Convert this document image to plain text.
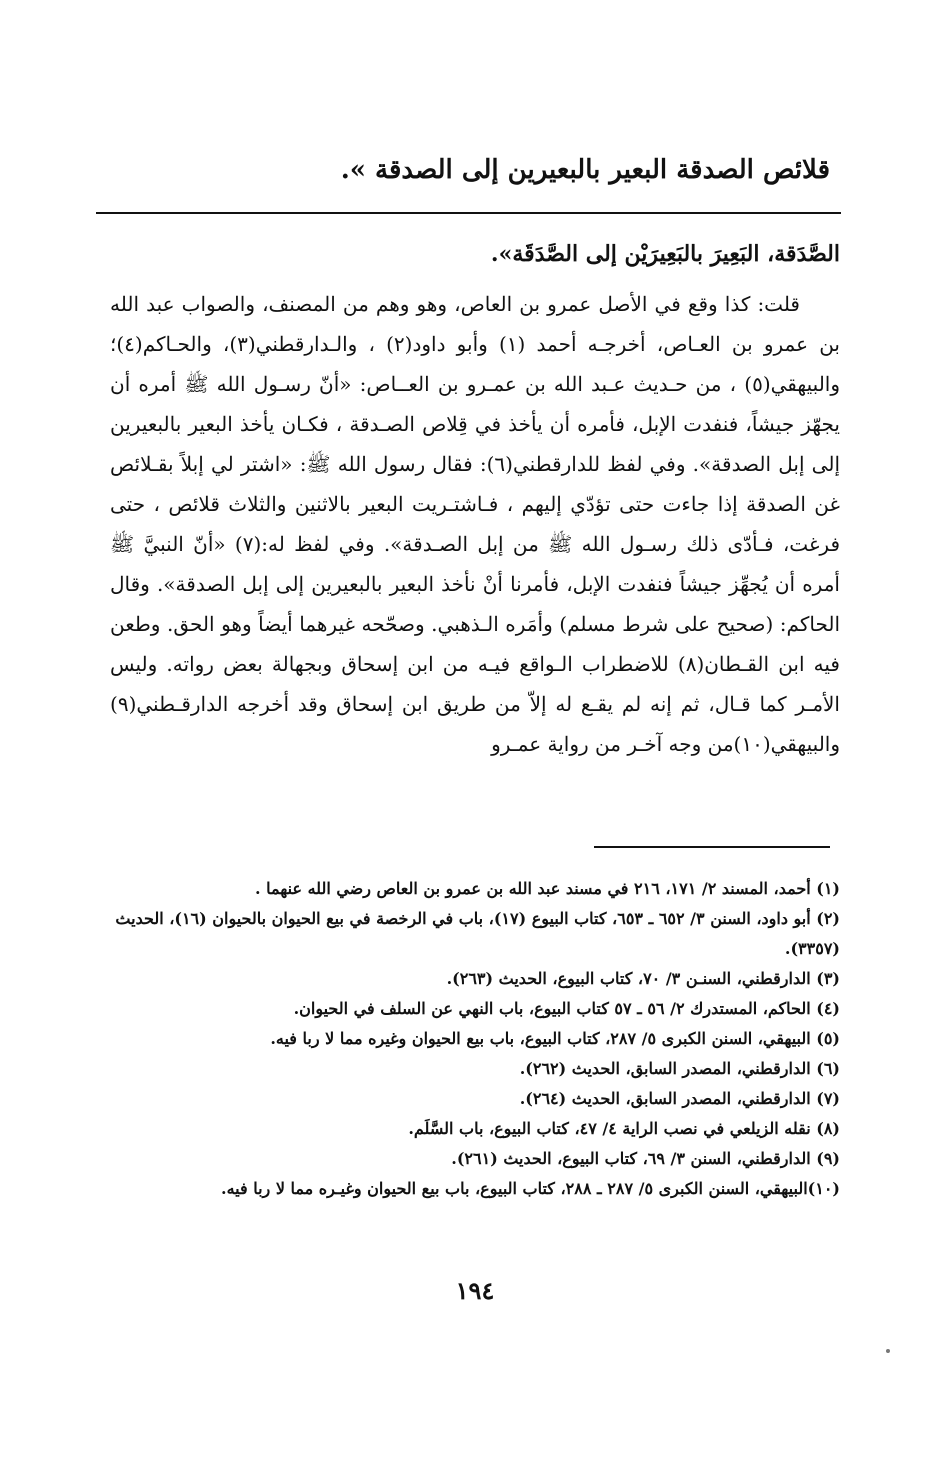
قلائص الصدقة البعير بالبعيرين إلى الصدقة ».
الصَّدَقة، البَعِيرَ بالبَعِيرَيْن إلى الصَّدَقَة».
قلت: كذا وقع في الأصل عمرو بن العاص، وهو وهم من المصنف، والصواب عبد الله بن عمرو بن العـاص، أخرجـه أحمد (١) وأبو داود(٢) ، والـدارقطني(٣)، والحـاكم(٤)؛ والبيهقي(٥) ، من حـديث عـبد الله بن عمـرو بن العــاص: «أنّ رسـول الله ﷺ أمره أن يجهّز جيشاً، فنفدت الإبل، فأمره أن يأخذ في قِلاص الصـدقة ، فكـان يأخذ البعير بالبعيرين إلى إبل الصدقة». وفي لفظ للدارقطني(٦): فقال رسول الله ﷺ: «اشتر لي إبلاً بقـلائص غن الصدقة إذا جاءت حتى تؤدّي إليهم ، فـاشتـريت البعير بالاثنين والثلاث قلائص ، حتى فرغت، فـأدّى ذلك رسـول الله ﷺ من إبل الصـدقة». وفي لفظ له:(٧) «أنّ النبيَّ ﷺ أمره أن يُجهِّز جيشاً فنفدت الإبل، فأمرنا أنْ نأخذ البعير بالبعيرين إلى إبل الصدقة». وقال الحاكم: (صحيح على شرط مسلم) وأمَره الـذهبي. وصحّحه غيرهما أيضاً وهو الحق. وطعن فيه ابن القـطان(٨) للاضطراب الـواقع فيـه من ابن إسحاق وبجهالة بعض رواته. وليس الأمـر كما قـال، ثم إنه لم يقـع له إلاّ من طريق ابن إسحاق وقد أخرجه الدارقـطني(٩) والبيهقي(١٠)من وجه آخـر من رواية عمـرو

(١) أحمد، المسند ٢/ ١٧١، ٢١٦ في مسند عبد الله بن عمرو بن العاص رضي الله عنهما .

(٢) أبو داود، السنن ٣/ ٦٥٢ ـ ٦٥٣، كتاب البيوع (١٧)، باب في الرخصة في بيع الحيوان بالحيوان (١٦)، الحديث (٣٣٥٧).

(٣) الدارقطني، السنـن ٣/ ٧٠، كتاب البيوع، الحديث (٢٦٣).

(٤) الحاكم، المستدرك ٢/ ٥٦ ـ ٥٧ كتاب البيوع، باب النهي عن السلف في الحيوان.

(٥) البيهقي، السنن الكبرى ٥/ ٢٨٧، كتاب البيوع، باب بيع الحيوان وغيره مما لا ربا فيه.

(٦) الدارقطني، المصدر السابق، الحديث (٢٦٢).

(٧) الدارقطني، المصدر السابق، الحديث (٢٦٤).

(٨) نقله الزيلعي في نصب الراية ٤/ ٤٧، كتاب البيوع، باب السَّلَم.

(٩) الدارقطني، السنن ٣/ ٦٩، كتاب البيوع، الحديث (٢٦١).

(١٠)البيهقي، السنن الكبرى ٥/ ٢٨٧ ـ ٢٨٨، كتاب البيوع، باب بيع الحيوان وغيـره مما لا ربا فيه.

١٩٤
